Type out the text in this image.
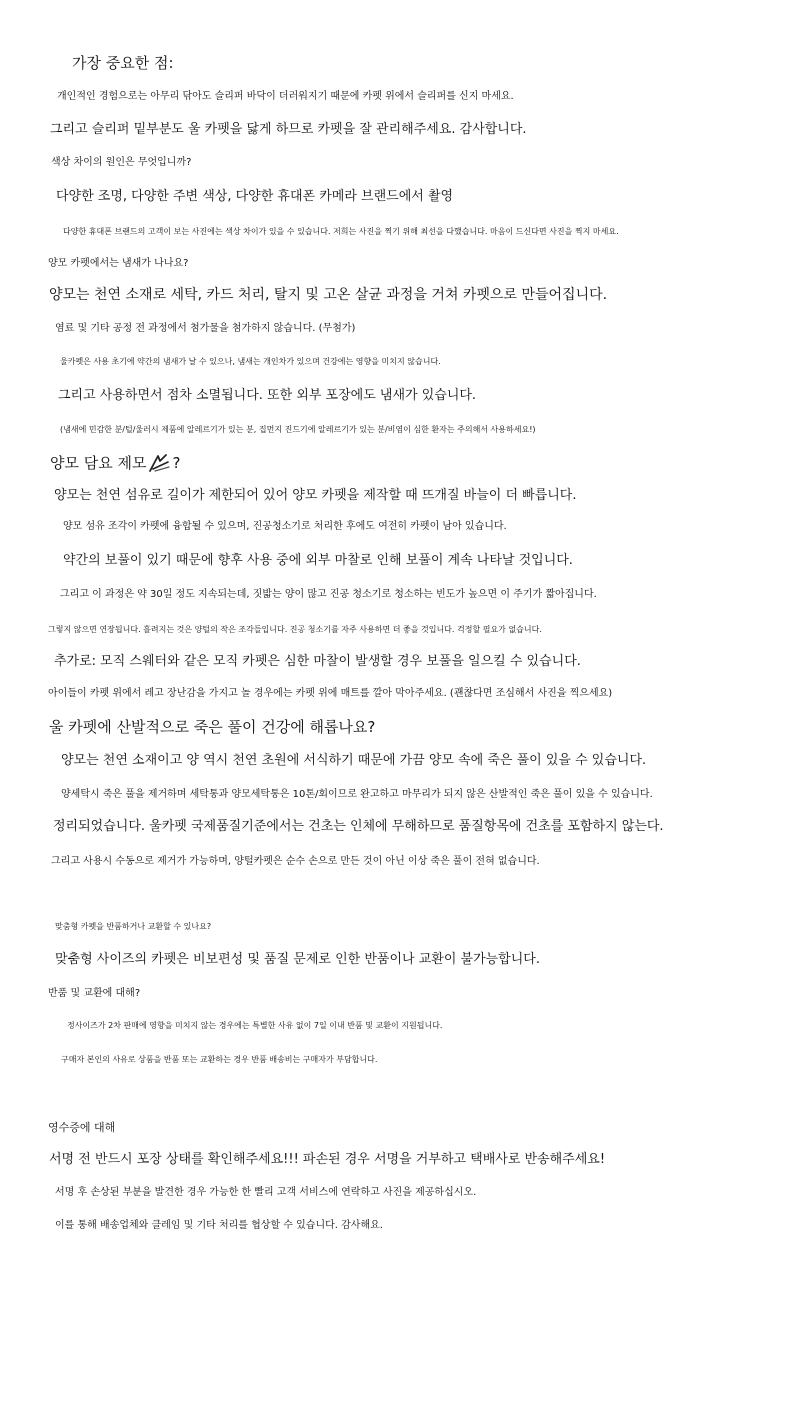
가장 중요한 점:

개인적인 경험으로는 아무리 닦아도 슬리퍼 바닥이 더러워지기 때문에 카펫 위에서 슬리퍼를 신지 마세요.

그리고 슬리퍼 밑부분도 울 카펫을 닳게 하므로 카펫을 잘 관리해주세요. 감사합니다.

색상 차이의 원인은 무엇입니까?

다양한 조명, 다양한 주변 색상, 다양한 휴대폰 카메라 브랜드에서 촬영

다양한 휴대폰 브랜드의 고객이 보는 사진에는 색상 차이가 있을 수 있습니다. 저희는 사진을 찍기 위해 최선을 다했습니다. 마음이 드신다면 사진을 찍지 마세요.

양모 카펫에서는 냄새가 나나요?

양모는 천연 소재로 세탁, 카드 처리, 탈지 및 고온 살균 과정을 거쳐 카펫으로 만들어집니다.

염료 및 기타 공정 전 과정에서 첨가물을 첨가하지 않습니다. (무첨가)

울카펫은 사용 초기에 약간의 냄새가 날 수 있으나, 냄새는 개인차가 있으며 건강에는 영향을 미치지 않습니다.

그리고 사용하면서 점차 소멸됩니다. 또한 외부 포장에도 냄새가 있습니다.

(냄새에 민감한 분/털/울러시 제품에 알레르기가 있는 분, 집먼지 진드기에 알레르기가 있는 분/비염이 심한 환자는 주의해서 사용하세요!)

양모 담요 제모 ?

양모는 천연 섬유로 길이가 제한되어 있어 양모 카펫을 제작할 때 뜨개질 바늘이 더 빠릅니다.

양모 섬유 조각이 카펫에 융합될 수 있으며, 진공청소기로 처리한 후에도 여전히 카펫이 남아 있습니다.

약간의 보풀이 있기 때문에 향후 사용 중에 외부 마찰로 인해 보풀이 계속 나타날 것입니다.

그리고 이 과정은 약 30일 정도 지속되는데, 짓밟는 양이 많고 진공 청소기로 청소하는 빈도가 높으면 이 주기가 짧아집니다.

그렇지 않으면 연장됩니다. 흘려지는 것은 양털의 작은 조각들입니다. 진공 청소기를 자주 사용하면 더 좋을 것입니다. 걱정할 필요가 없습니다.

추가로: 모직 스웨터와 같은 모직 카펫은 심한 마찰이 발생할 경우 보풀을 일으킬 수 있습니다.

아이들이 카펫 위에서 레고 장난감을 가지고 놀 경우에는 카펫 위에 매트를 깔아 막아주세요. (괜찮다면 조심해서 사진을 찍으세요)

울 카펫에 산발적으로 죽은 풀이 건강에 해롭나요?

양모는 천연 소재이고 양 역시 천연 초원에 서식하기 때문에 가끔 양모 속에 죽은 풀이 있을 수 있습니다.

양세탁시 죽은 풀을 제거하며 세탁통과 양모세탁통은 10톤/회이므로 완고하고 마무리가 되지 않은 산발적인 죽은 풀이 있을 수 있습니다.

정리되었습니다. 울카펫 국제품질기준에서는 건초는 인체에 무해하므로 품질항목에 건초를 포함하지 않는다.

그리고 사용시 수동으로 제거가 가능하며, 양털카펫은 순수 손으로 만든 것이 아닌 이상 죽은 풀이 전혀 없습니다.

맞춤형 카펫을 반품하거나 교환할 수 있나요?

맞춤형 사이즈의 카펫은 비보편성 및 품질 문제로 인한 반품이나 교환이 불가능합니다.

반품 및 교환에 대해?

정사이즈가 2차 판매에 영향을 미치지 않는 경우에는 특별한 사유 없이 7일 이내 반품 및 교환이 지원됩니다.

구매자 본인의 사유로 상품을 반품 또는 교환하는 경우 반품 배송비는 구매자가 부담합니다.

영수증에 대해

서명 전 반드시 포장 상태를 확인해주세요!!! 파손된 경우 서명을 거부하고 택배사로 반송해주세요!

서명 후 손상된 부분을 발견한 경우 가능한 한 빨리 고객 서비스에 연락하고 사진을 제공하십시오.

이를 통해 배송업체와 클레임 및 기타 처리를 협상할 수 있습니다. 감사해요.
